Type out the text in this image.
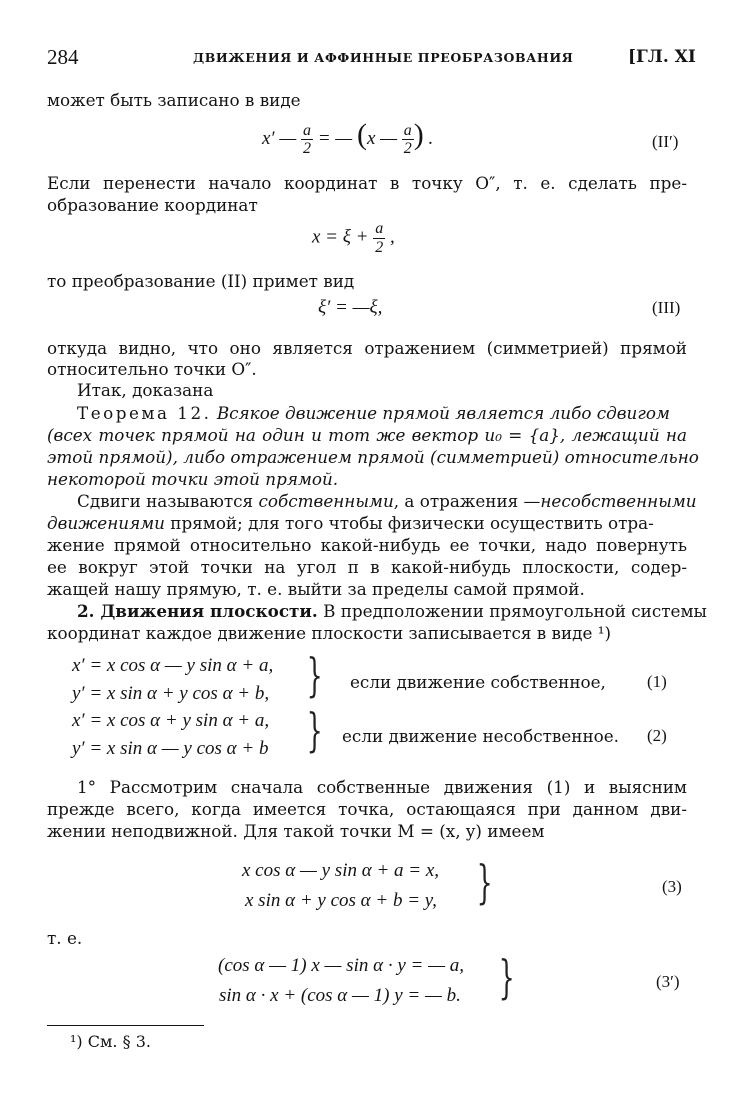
284	ДВИЖЕНИЯ И АФФИННЫЕ ПРЕОБРАЗОВАНИЯ	[ГЛ. XI
может быть записано в виде
x′ — $\frac{a}{2}$ = — (x — $\frac{a}{2}$ ) .	(II′)
Если перенести начало координат в точку O″, т. е. сделать пре-
образование координат
$x = \xi + \frac{a}{2}$ ,
то преобразование (II) примет вид
ξ′ = —ξ,	(III)
откуда видно, что оно является отражением (симметрией) прямой
относительно точки O″.
Итак, доказана
Теорема 12. Всякое движение прямой является либо сдвигом
(всех точек прямой на один и тот же вектор u₀ = {a}, лежащий на
этой прямой), либо отражением прямой (симметрией) относительно
некоторой точки этой прямой.
Сдвиги называются собственными, а отражения —несобственными
движениями прямой; для того чтобы физически осуществить отра-
жение прямой относительно какой-нибудь ее точки, надо повернуть
ее вокруг этой точки на угол π в какой-нибудь плоскости, содер-
жащей нашу прямую, т. е. выйти за пределы самой прямой.
2. Движения плоскости. В предположении прямоугольной системы
координат каждое движение плоскости записывается в виде ¹)
x′ = x cos α — y sin α + a,
y′ = x sin α + y cos α + b, } если движение собственное, (1)
x′ = x cos α + y sin α + a,
y′ = x sin α — y cos α + b } если движение несобственное. (2)
1° Рассмотрим сначала собственные движения (1) и выясним
прежде всего, когда имеется точка, остающаяся при данном дви-
жении неподвижной. Для такой точки M = (x, y) имеем
x cos α — y sin α + a = x,
x sin α + y cos α + b = y, }	(3)
т. е.
(cos α — 1) x — sin α · y = — a,
sin α · x + (cos α — 1) y = — b. }	(3′)
¹) См. § 3.
